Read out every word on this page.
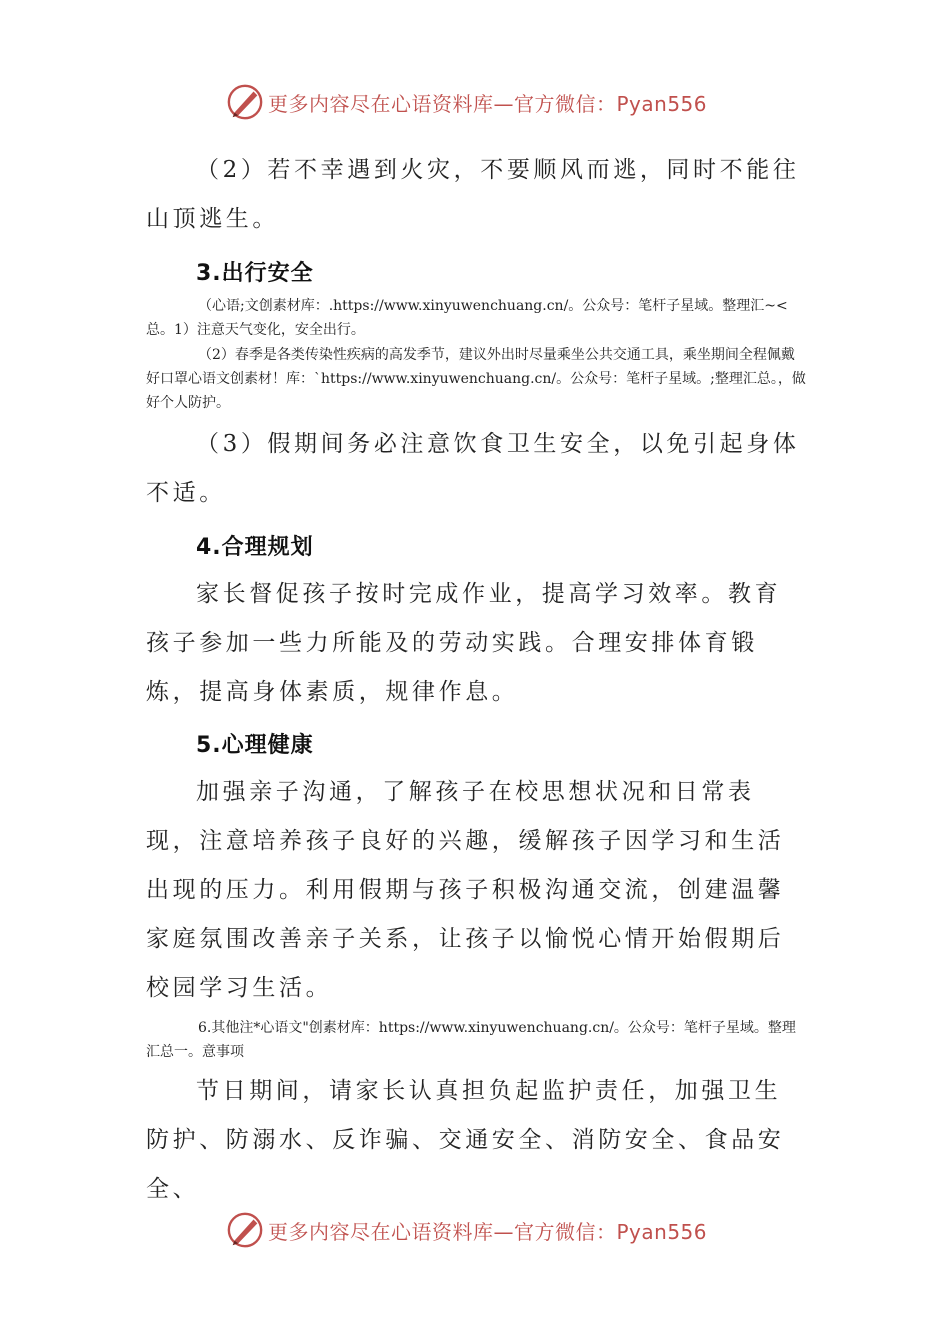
更多内容尽在心语资料库—官方微信：Pyan556

（2）若不幸遇到火灾，不要顺风而逃，同时不能往山顶逃生。

3.出行安全

（心语;文创素材库：.https://www.xinyuwenchuang.cn/。公众号：笔杆子星域。整理汇~<总。1）注意天气变化，安全出行。

（2）春季是各类传染性疾病的高发季节，建议外出时尽量乘坐公共交通工具，乘坐期间全程佩戴好口罩心语文创素材！库：`https://www.xinyuwenchuang.cn/。公众号：笔杆子星域。;整理汇总。，做好个人防护。

（3）假期间务必注意饮食卫生安全，以免引起身体不适。

4.合理规划

家长督促孩子按时完成作业，提高学习效率。教育孩子参加一些力所能及的劳动实践。合理安排体育锻炼，提高身体素质，规律作息。

5.心理健康

加强亲子沟通，了解孩子在校思想状况和日常表现，注意培养孩子良好的兴趣，缓解孩子因学习和生活出现的压力。利用假期与孩子积极沟通交流，创建温馨家庭氛围改善亲子关系，让孩子以愉悦心情开始假期后校园学习生活。

6.其他注*心语文"创素材库：https://www.xinyuwenchuang.cn/。公众号：笔杆子星域。整理汇总一。意事项

节日期间，请家长认真担负起监护责任，加强卫生防护、防溺水、反诈骗、交通安全、消防安全、食品安全、

更多内容尽在心语资料库—官方微信：Pyan556
